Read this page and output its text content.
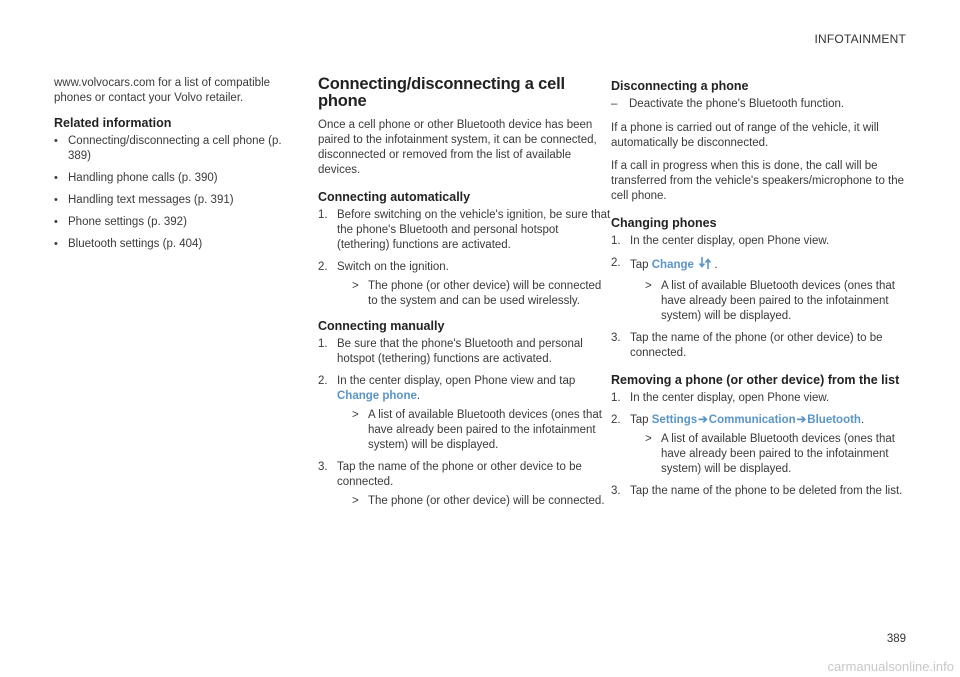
INFOTAINMENT

www.volvocars.com for a list of compatible phones or contact your Volvo retailer.

Related information
• Connecting/disconnecting a cell phone (p. 389)
• Handling phone calls (p. 390)
• Handling text messages (p. 391)
• Phone settings (p. 392)
• Bluetooth settings (p. 404)
Connecting/disconnecting a cell phone

Once a cell phone or other Bluetooth device has been paired to the infotainment system, it can be connected, disconnected or removed from the list of available devices.

Connecting automatically
1. Before switching on the vehicle's ignition, be sure that the phone's Bluetooth and personal hotspot (tethering) functions are activated.
2. Switch on the ignition.
> The phone (or other device) will be connected to the system and can be used wirelessly.
Connecting manually
1. Be sure that the phone's Bluetooth and personal hotspot (tethering) functions are activated.
2. In the center display, open Phone view and tap Change phone.
> A list of available Bluetooth devices (ones that have already been paired to the infotainment system) will be displayed.
3. Tap the name of the phone or other device to be connected.
> The phone (or other device) will be connected.
Disconnecting a phone
–	Deactivate the phone's Bluetooth function.

If a phone is carried out of range of the vehicle, it will automatically be disconnected.

If a call in progress when this is done, the call will be transferred from the vehicle's speakers/microphone to the cell phone.

Changing phones
1. In the center display, open Phone view.
2. Tap Change .
> A list of available Bluetooth devices (ones that have already been paired to the infotainment system) will be displayed.
3. Tap the name of the phone (or other device) to be connected.
Removing a phone (or other device) from the list
1. In the center display, open Phone view.
2. Tap Settings➔Communication➔Bluetooth.
> A list of available Bluetooth devices (ones that have already been paired to the infotainment system) will be displayed.
3. Tap the name of the phone to be deleted from the list.
389
carmanualsonline.info
